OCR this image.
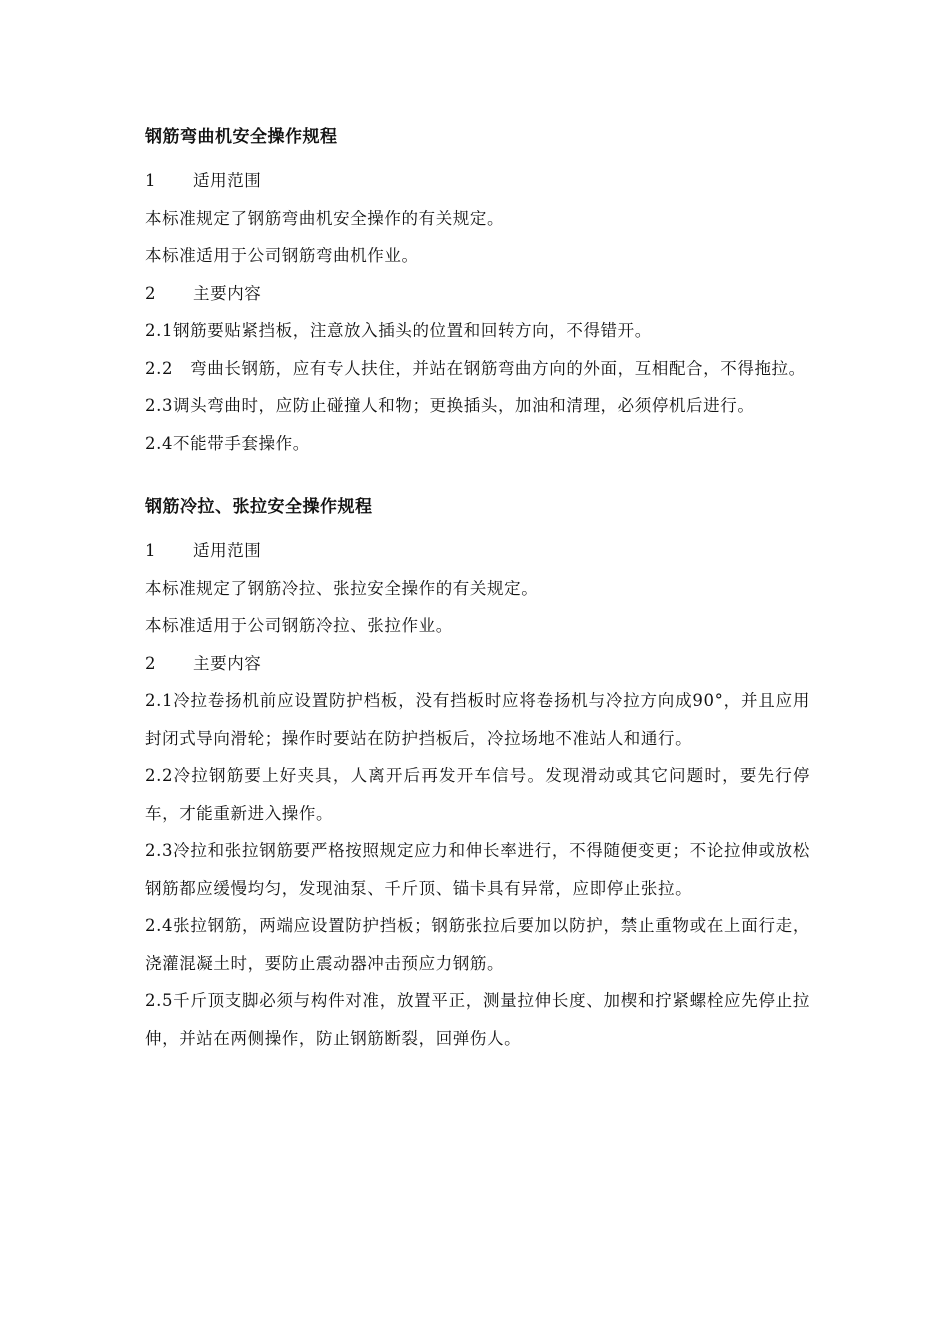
钢筋弯曲机安全操作规程
1	适用范围

本标准规定了钢筋弯曲机安全操作的有关规定。

本标准适用于公司钢筋弯曲机作业。

2	主要内容

2.1钢筋要贴紧挡板，注意放入插头的位置和回转方向，不得错开。

2.2　弯曲长钢筋，应有专人扶住，并站在钢筋弯曲方向的外面，互相配合，不得拖拉。

2.3调头弯曲时，应防止碰撞人和物；更换插头，加油和清理，必须停机后进行。

2.4不能带手套操作。

钢筋冷拉、张拉安全操作规程
1	适用范围

本标准规定了钢筋冷拉、张拉安全操作的有关规定。

本标准适用于公司钢筋冷拉、张拉作业。

2	主要内容

2.1冷拉卷扬机前应设置防护档板，没有挡板时应将卷扬机与冷拉方向成90°，并且应用封闭式导向滑轮；操作时要站在防护挡板后，冷拉场地不准站人和通行。

2.2冷拉钢筋要上好夹具，人离开后再发开车信号。发现滑动或其它问题时，要先行停车，才能重新进入操作。

2.3冷拉和张拉钢筋要严格按照规定应力和伸长率进行，不得随便变更；不论拉伸或放松钢筋都应缓慢均匀，发现油泵、千斤顶、锚卡具有异常，应即停止张拉。

2.4张拉钢筋，两端应设置防护挡板；钢筋张拉后要加以防护，禁止重物或在上面行走，浇灌混凝土时，要防止震动器冲击预应力钢筋。

2.5千斤顶支脚必须与构件对准，放置平正，测量拉伸长度、加楔和拧紧螺栓应先停止拉伸，并站在两侧操作，防止钢筋断裂，回弹伤人。
